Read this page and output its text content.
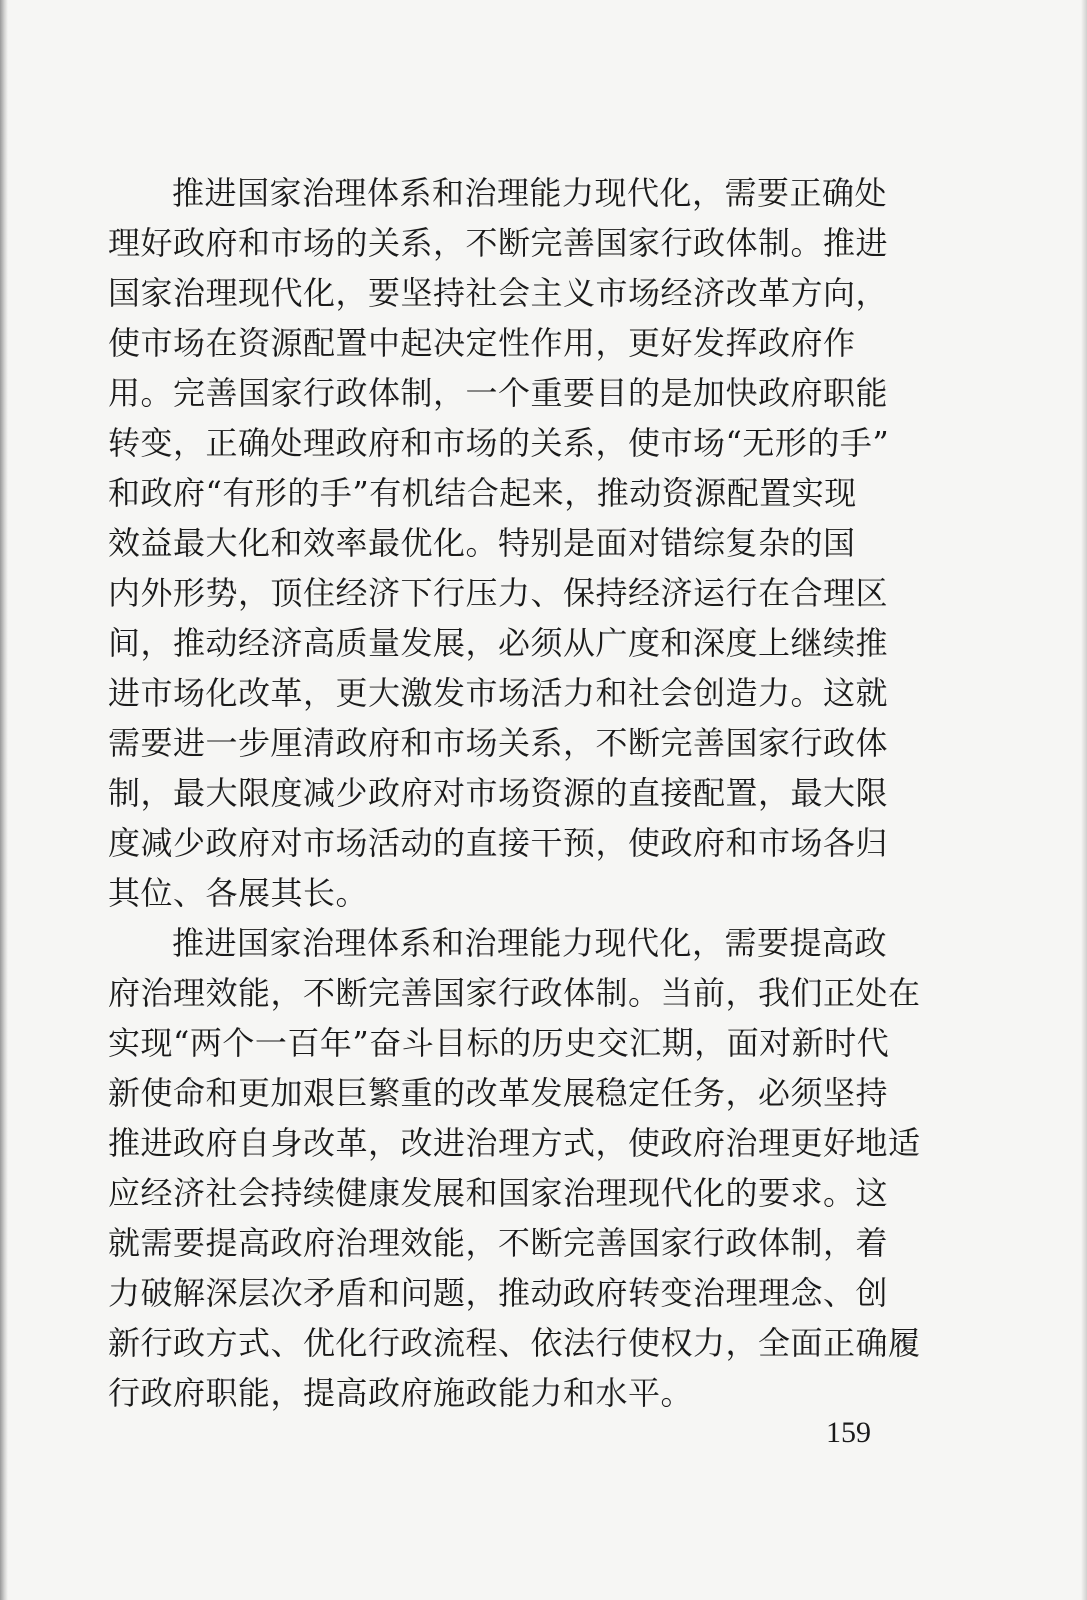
推进国家治理体系和治理能力现代化，需要正确处
理好政府和市场的关系，不断完善国家行政体制。推进
国家治理现代化，要坚持社会主义市场经济改革方向，
使市场在资源配置中起决定性作用，更好发挥政府作
用。完善国家行政体制，一个重要目的是加快政府职能
转变，正确处理政府和市场的关系，使市场“无形的手”
和政府“有形的手”有机结合起来，推动资源配置实现
效益最大化和效率最优化。特别是面对错综复杂的国
内外形势，顶住经济下行压力、保持经济运行在合理区
间，推动经济高质量发展，必须从广度和深度上继续推
进市场化改革，更大激发市场活力和社会创造力。这就
需要进一步厘清政府和市场关系，不断完善国家行政体
制，最大限度减少政府对市场资源的直接配置，最大限
度减少政府对市场活动的直接干预，使政府和市场各归
其位、各展其长。
推进国家治理体系和治理能力现代化，需要提高政
府治理效能，不断完善国家行政体制。当前，我们正处在
实现“两个一百年”奋斗目标的历史交汇期，面对新时代
新使命和更加艰巨繁重的改革发展稳定任务，必须坚持
推进政府自身改革，改进治理方式，使政府治理更好地适
应经济社会持续健康发展和国家治理现代化的要求。这
就需要提高政府治理效能，不断完善国家行政体制，着
力破解深层次矛盾和问题，推动政府转变治理理念、创
新行政方式、优化行政流程、依法行使权力，全面正确履
行政府职能，提高政府施政能力和水平。
159
